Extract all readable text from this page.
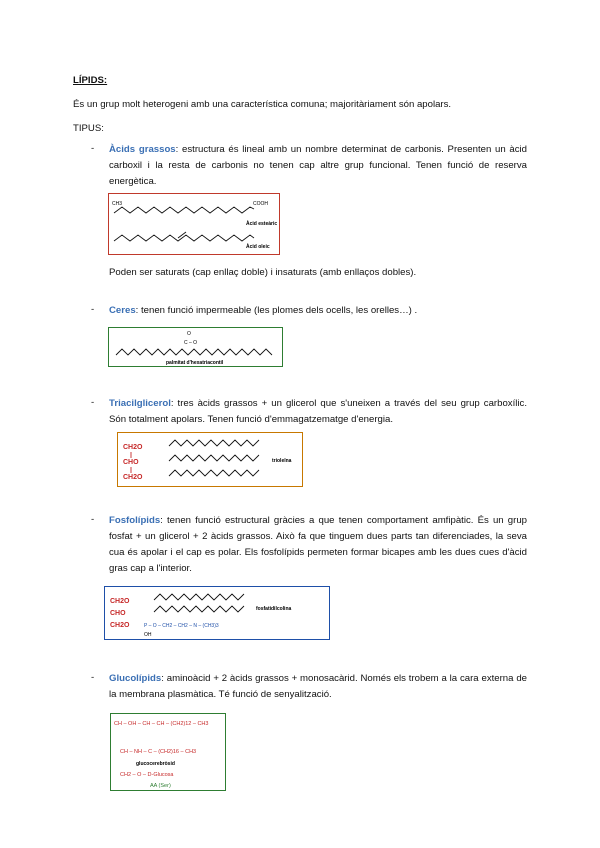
LÍPIDS:
És un grup molt heterogeni amb una característica comuna; majoritàriament són apolars.
TIPUS:
- Àcids grassos: estructura és lineal amb un nombre determinat de carbonis. Presenten un àcid carboxil i la resta de carbonis no tenen cap altre grup funcional. Tenen funció de reserva energètica.
CH3	COOH
Àcid esteàric
Àcid oleic
Poden ser saturats (cap enllaç doble) i insaturats (amb enllaços dobles).
- Ceres: tenen funció impermeable (les plomes dels ocells, les orelles…) .
O
C – O
palmitat d'hexatriacontil
- Triacilglicerol: tres àcids grassos + un glicerol que s'uneixen a través del seu grup carboxílic. Són totalment apolars. Tenen funció d'emmagatzematge d'energia.
CH2O
CHO
CH2O
trioleïna
- Fosfolípids: tenen funció estructural gràcies a que tenen comportament amfipàtic. És un grup fosfat + un glicerol + 2 àcids grassos. Això fa que tinguem dues parts tan diferenciades, la seva cua és apolar i el cap es polar. Els fosfolípids permeten formar bicapes amb les dues cues d'àcid gras cap a l'interior.
CH2O
CHO
CH2O	P – O – CH2 – CH2 – N – (CH3)3
OH
fosfatidilcolina
- Glucolípids: aminoàcid + 2 àcids grassos + monosacàrid. Només els trobem a la cara externa de la membrana plasmàtica. Té funció de senyalització.
CH – OH – CH – CH – (CH2)12 – CH3
CH – NH – C – (CH2)16 – CH3
glucocerebròsid
CH2 – O – D-Glucosa
AA (Ser)
